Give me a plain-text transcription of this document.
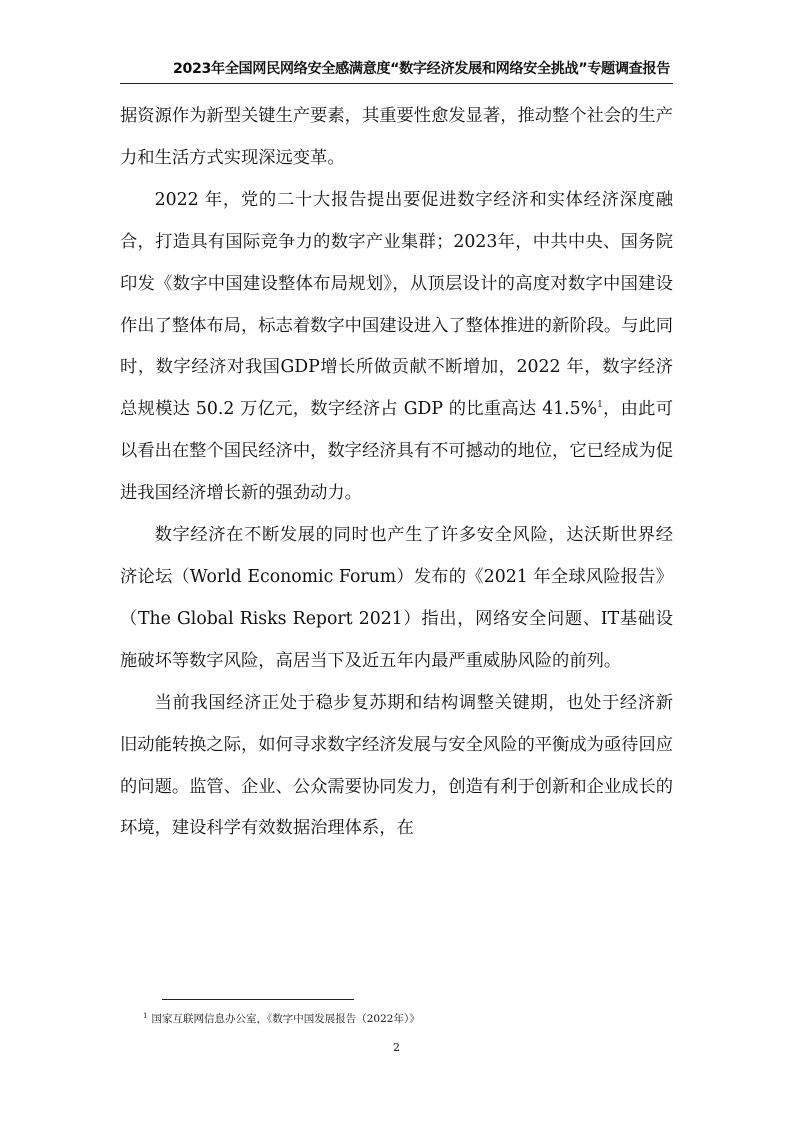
2023年全国网民网络安全感满意度“数字经济发展和网络安全挑战”专题调查报告

据资源作为新型关键生产要素，其重要性愈发显著，推动整个社会的生产力和生活方式实现深远变革。

2022 年，党的二十大报告提出要促进数字经济和实体经济深度融合，打造具有国际竞争力的数字产业集群；2023年，中共中央、国务院印发《数字中国建设整体布局规划》，从顶层设计的高度对数字中国建设作出了整体布局，标志着数字中国建设进入了整体推进的新阶段。与此同时，数字经济对我国GDP增长所做贡献不断增加，2022 年，数字经济总规模达 50.2 万亿元，数字经济占 GDP 的比重高达 41.5%$^1$，由此可以看出在整个国民经济中，数字经济具有不可撼动的地位，它已经成为促进我国经济增长新的强劲动力。

数字经济在不断发展的同时也产生了许多安全风险，达沃斯世界经济论坛（World Economic Forum）发布的《2021 年全球风险报告》（The Global Risks Report 2021）指出，网络安全问题、IT基础设施破坏等数字风险，高居当下及近五年内最严重威胁风险的前列。

当前我国经济正处于稳步复苏期和结构调整关键期，也处于经济新旧动能转换之际，如何寻求数字经济发展与安全风险的平衡成为亟待回应的问题。监管、企业、公众需要协同发力，创造有利于创新和企业成长的环境，建设科学有效数据治理体系，在

$^1$ 国家互联网信息办公室，《数字中国发展报告（2022年）》
2
